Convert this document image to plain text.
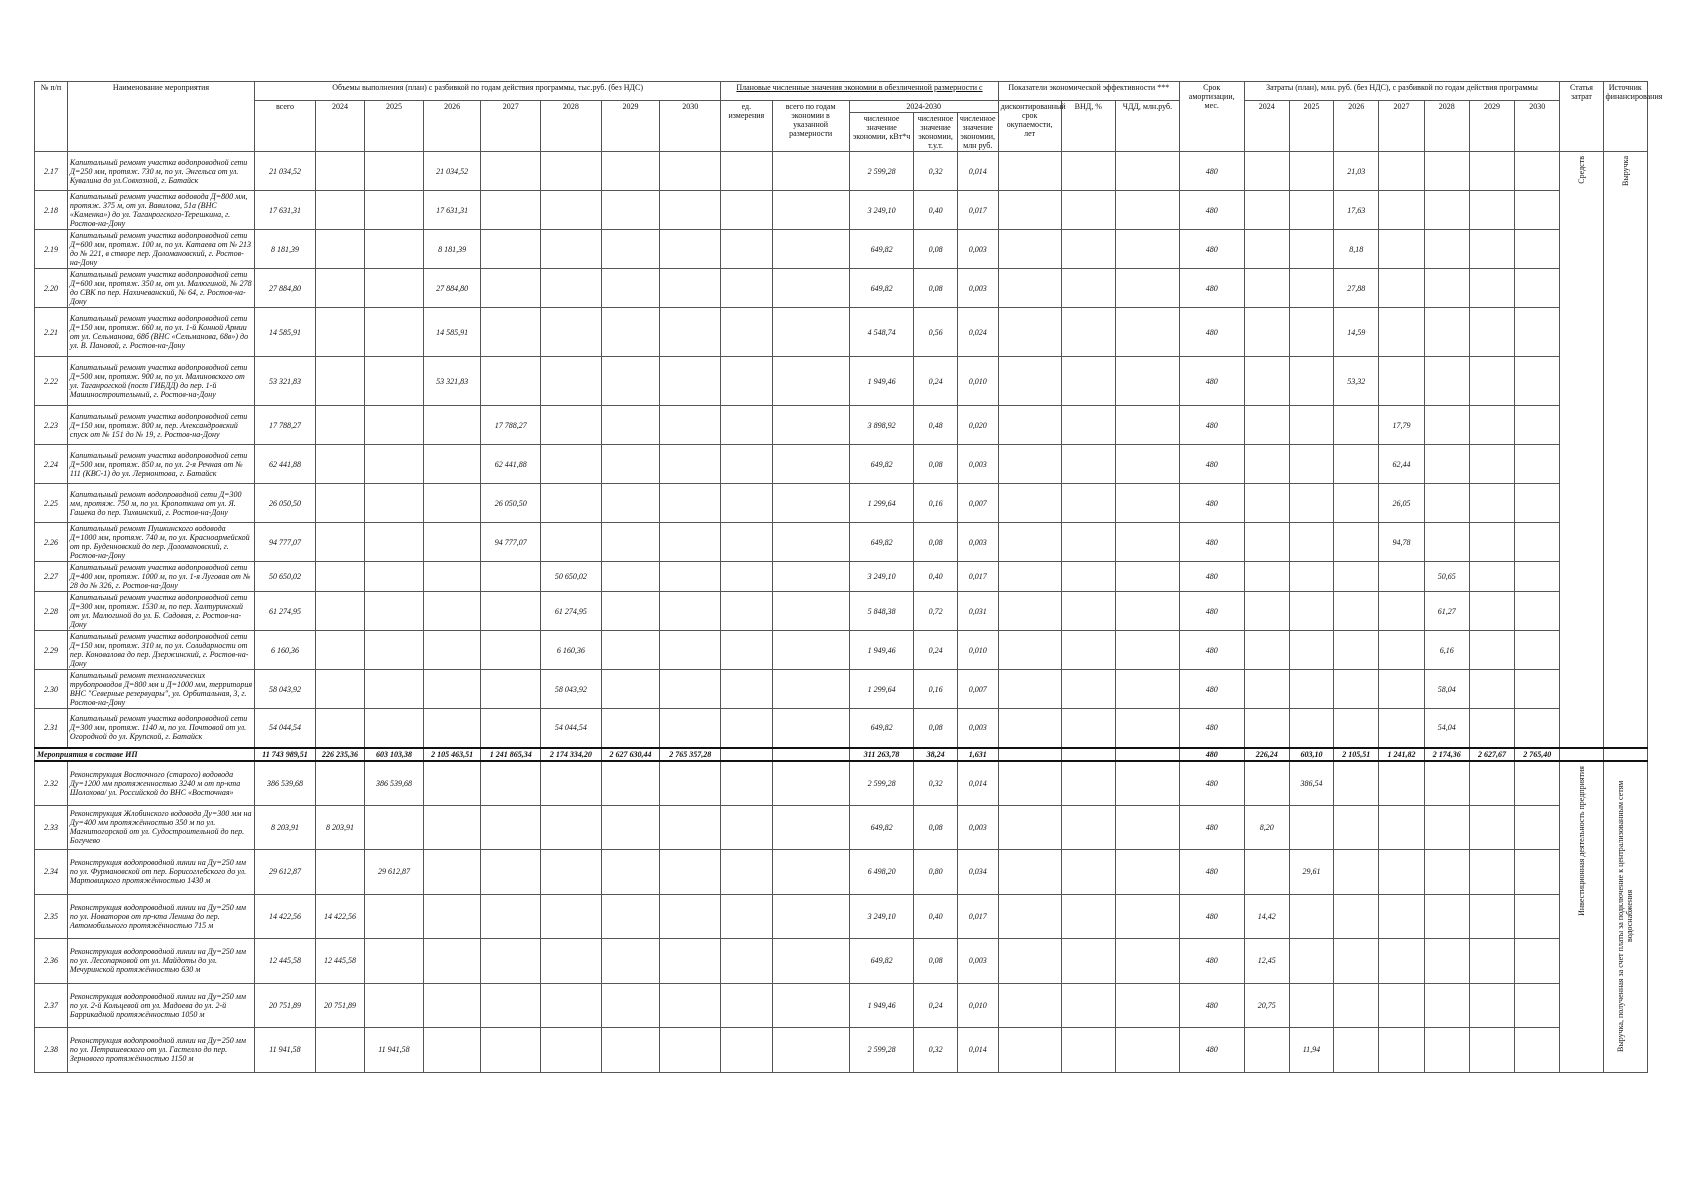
№ п/п	Наименование мероприятия	Объемы выполнения (план) с разбивкой по годам действия программы, тыс.руб. (без НДС)								Плановые численные значения экономии в обезличенной размерности с					Показатели экономической эффективности ***			Срок амортизации, мес.	Затраты (план), млн. руб. (без НДС), с разбивкой по годам действия программы							Статья затрат	Источник финансирования
		всего	2024	2025	2026	2027	2028	2029	2030	ед. измерения	всего по годам экономии в указанной размерности	2024-2030			дисконтированный срок окупаемости, лет	ВНД, %	ЧДД, млн.руб.		2024	2025	2026	2027	2028	2029	2030		
												численное значение экономии, кВт*ч	численное значение экономии, т.у.т.	численное значение экономии, млн руб.													
2.17	Капитальный ремонт участка водопроводной сети Д=250 мм, протяж. 730 м, по ул. Энгельса от ул. Кувалина до ул.Совхозной, г. Батайск	21 034,52			21 034,52							2 599,28	0,32	0,014				480			21,03					Средств	Выручка
2.18	Капитальный ремонт участка водовода Д=800 мм, протяж. 375 м, от ул. Вавилова, 51а (ВНС «Каменка») до ул. Таганрогского-Терешкина, г. Ростов-на-Дону	17 631,31			17 631,31							3 249,10	0,40	0,017				480			17,63						
2.19	Капитальный ремонт участка водопроводной сети Д=600 мм, протяж. 100 м, по ул. Катаева от № 213 до № 221, в створе пер. Доломановский, г. Ростов-на-Дону	8 181,39			8 181,39							649,82	0,08	0,003				480			8,18						
2.20	Капитальный ремонт участка водопроводной сети Д=600 мм, протяж. 350 м, от ул. Малюгиной, № 278 до СВК по пер. Нахичеванский, № 64, г. Ростов-на-Дону	27 884,80			27 884,80							649,82	0,08	0,003				480			27,88						
2.21	Капитальный ремонт участка водопроводной сети Д=150 мм, протяж. 660 м, по ул. 1-й Конной Армии от ул. Сельманова, 68б (ВНС «Сельманова, 68в») до ул. В. Пановой, г. Ростов-на-Дону	14 585,91			14 585,91							4 548,74	0,56	0,024				480			14,59						
2.22	Капитальный ремонт участка водопроводной сети Д=500 мм, протяж. 900 м, по ул. Малиновского от ул. Таганрогской (пост ГИБДД) до пер. 1-й Машиностроительный, г. Ростов-на-Дону	53 321,83			53 321,83							1 949,46	0,24	0,010				480			53,32						
2.23	Капитальный ремонт участка водопроводной сети Д=150 мм, протяж. 800 м, пер. Александровский спуск от № 151 до № 19, г. Ростов-на-Дону	17 788,27				17 788,27						3 898,92	0,48	0,020				480				17,79					
2.24	Капитальный ремонт участка водопроводной сети Д=500 мм, протяж. 850 м, по ул. 2-я Речная от № 111 (КВС-1) до ул. Лермонтова, г. Батайск	62 441,88				62 441,88						649,82	0,08	0,003				480				62,44					
2.25	Капитальный ремонт водопроводной сети Д=300 мм, протяж. 750 м, по ул. Кропоткина от ул. Я. Гашека до пер. Тихвинский, г. Ростов-на-Дону	26 050,50				26 050,50						1 299,64	0,16	0,007				480				26,05					
2.26	Капитальный ремонт Пушкинского водовода Д=1000 мм, протяж. 740 м, по ул. Красноармейской от пр. Буденновский до пер. Доломановский, г. Ростов-на-Дону	94 777,07				94 777,07						649,82	0,08	0,003				480				94,78					
2.27	Капитальный ремонт участка водопроводной сети Д=400 мм, протяж. 1000 м, по ул. 1-я Луговая от № 28 до № 326, г. Ростов-на-Дону	50 650,02					50 650,02					3 249,10	0,40	0,017				480					50,65				
2.28	Капитальный ремонт участка водопроводной сети Д=300 мм, протяж. 1530 м, по пер. Халтуринский от ул. Малюгиной до ул. Б. Садовая, г. Ростов-на-Дону	61 274,95					61 274,95					5 848,38	0,72	0,031				480					61,27				
2.29	Капитальный ремонт участка водопроводной сети Д=150 мм, протяж. 310 м, по ул. Солидарности от пер. Коновалова до пер. Дзержинский, г. Ростов-на-Дону	6 160,36					6 160,36					1 949,46	0,24	0,010				480					6,16				
2.30	Капитальный ремонт технологических трубопроводов Д=800 мм и Д=1000 мм, территория ВНС "Северные резервуары", ул. Орбитальная, 3, г. Ростов-на-Дону	58 043,92					58 043,92					1 299,64	0,16	0,007				480					58,04				
2.31	Капитальный ремонт участка водопроводной сети Д=300 мм, протяж. 1140 м, по ул. Почтовой от ул. Огородной до ул. Крупской, г. Батайск	54 044,54					54 044,54					649,82	0,08	0,003				480					54,04				
Мероприятия в составе ИП		11 743 989,51	226 235,36	603 103,38	2 105 463,51	1 241 865,34	2 174 334,20	2 627 630,44	2 765 357,28			311 263,78	38,24	1,631				480	226,24	603,10	2 105,51	1 241,82	2 174,36	2 627,67	2 765,40		
2.32	Реконструкция Восточного (старого) водовода Ду=1200 мм протяженностью 3240 м от пр-кта Шолохова/ ул. Российской до ВНС «Восточная»	386 539,68		386 539,68								2 599,28	0,32	0,014				480		386,54						Инвестиционная деятельность предприятия	Выручка, полученная за счет платы за подключение к централизованным сетям водоснабжения
2.33	Реконструкция Жлобинского водовода Ду=300 мм на Ду=400 мм протяжённостью 350 м по ул. Магнитогорской от ул. Судостроительной до пер. Богучево	8 203,91	8 203,91									649,82	0,08	0,003				480	8,20								
2.34	Реконструкция водопроводной линии на Ду=250 мм по ул. Фурмановской от пер. Борисоглебского до ул. Мартовицкого протяжённостью 1430 м	29 612,87		29 612,87								6 498,20	0,80	0,034				480		29,61							
2.35	Реконструкция водопроводной линии на Ду=250 мм по ул. Новаторов от пр-кта Ленина до пер. Автомобильного протяжённостью 715 м	14 422,56	14 422,56									3 249,10	0,40	0,017				480	14,42								
2.36	Реконструкция водопроводной линии на Ду=250 мм по ул. Лесопарковой от ул. Майдоты до ул. Мечуринской протяжённостью 630 м	12 445,58	12 445,58									649,82	0,08	0,003				480	12,45								
2.37	Реконструкция водопроводной линии на Ду=250 мм по ул. 2-й Кольцевой от ул. Мадоева до ул. 2-й Баррикадной протяжённостью 1050 м	20 751,89	20 751,89									1 949,46	0,24	0,010				480	20,75								
2.38	Реконструкция водопроводной линии на Ду=250 мм по ул. Петрашевского от ул. Гастелло до пер. Зернового протяжённостью 1150 м	11 941,58		11 941,58								2 599,28	0,32	0,014				480		11,94							
